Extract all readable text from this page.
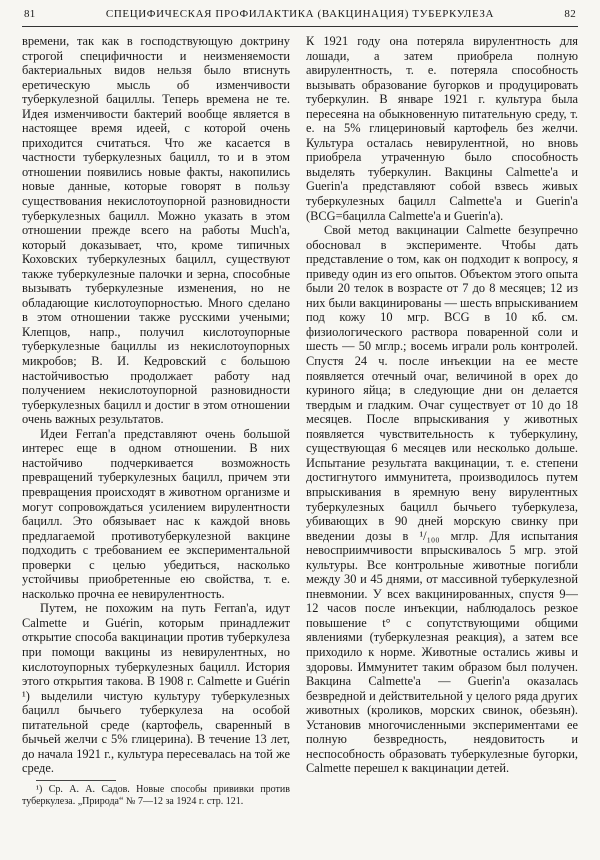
81	СПЕЦИФИЧЕСКАЯ ПРОФИЛАКТИКА (ВАКЦИНАЦИЯ) ТУБЕРКУЛЕЗА	82

времени, так как в господствующую доктрину строгой специфичности и неизменяемости бактериальных видов нельзя было втиснуть еретическую мысль об изменчивости туберкулезной бациллы. Теперь времена не те. Идея изменчивости бактерий вообще является в настоящее время идеей, с которой очень приходится считаться. Что же касается в частности туберкулезных бацилл, то и в этом отношении появились новые факты, накопились новые данные, которые говорят в пользу существования некислотоупорной разновидности туберкулезных бацилл. Можно указать в этом отношении прежде всего на работы Much'a, который доказывает, что, кроме типичных Коховских туберкулезных бацилл, существуют также туберкулезные палочки и зерна, способные вызывать туберкулезные изменения, но не обладающие кислотоупорностью. Много сделано в этом отношении также русскими учеными; Клепцов, напр., получил кислотоупорные туберкулезные бациллы из некислотоупорных микробов; В. И. Кедровский с большою настойчивостью продолжает работу над получением некислотоупорной разновидности туберкулезных бацилл и достиг в этом отношении очень важных результатов.

Идеи Ferran'a представляют очень большой интерес еще в одном отношении. В них настойчиво подчеркивается возможность превращений туберкулезных бацилл, причем эти превращения происходят в животном организме и могут сопровождаться усилением вирулентности бацилл. Это обязывает нас к каждой вновь предлагаемой противотуберкулезной вакцине подходить с требованием ее экспериментальной проверки с целью убедиться, насколько устойчивы приобретенные ею свойства, т. е. насколько прочна ее невирулентность.

Путем, не похожим на путь Ferran'a, идут Calmette и Guérin, которым принадлежит открытие способа вакцинации против туберкулеза при помощи вакцины из невирулентных, но кислотоупорных туберкулезных бацилл. История этого открытия такова. В 1908 г. Calmette и Guérin ¹) выделили чистую культуру туберкулезных бацилл бычьего туберкулеза на особой питательной среде (картофель, сваренный в бычьей желчи с 5% глицерина). В течение 13 лет, до начала 1921 г., культура пересевалась на той же среде.

¹) Ср. А. А. Садов. Новые способы прививки против туберкулеза. „Природа“ № 7—12 за 1924 г. стр. 121.

К 1921 году она потеряла вирулентность для лошади, а затем приобрела полную авирулентность, т. е. потеряла способность вызывать образование бугорков и продуцировать туберкулин. В январе 1921 г. культура была пересеяна на обыкновенную питательную среду, т. е. на 5% глицериновый картофель без желчи. Культура осталась невирулентной, но вновь приобрела утраченную было способность выделять туберкулин. Вакцины Calmette'a и Guerin'a представляют собой взвесь живых туберкулезных бацилл Calmette'a и Guerin'a (BCG=бацилла Calmette'a и Guerin'a).

Свой метод вакцинации Calmette безупречно обосновал в эксперименте. Чтобы дать представление о том, как он подходит к вопросу, я приведу один из его опытов. Объектом этого опыта были 20 телок в возрасте от 7 до 8 месяцев; 12 из них были вакцинированы — шесть впрыскиванием под кожу 10 мгр. BCG в 10 кб. см. физиологического раствора поваренной соли и шесть — 50 мглр.; восемь играли роль контролей. Спустя 24 ч. после инъекции на ее месте появляется отечный очаг, величиной в орех до куриного яйца; в следующие дни он делается твердым и гладким. Очаг существует от 10 до 18 месяцев. После впрыскивания у животных появляется чувствительность к туберкулину, существующая 6 месяцев или несколько дольше. Испытание результата вакцинации, т. е. степени достигнутого иммунитета, производилось путем впрыскивания в яремную вену вирулентных туберкулезных бацилл бычьего туберкулеза, убивающих в 90 дней морскую свинку при введении дозы в ¹/₁₀₀ мглр. Для испытания невосприимчивости впрыскивалось 5 мгр. этой культуры. Все контрольные животные погибли между 30 и 45 днями, от массивной туберкулезной пневмонии. У всех вакцинированных, спустя 9—12 часов после инъекции, наблюдалось резкое повышение t° с сопутствующими общими явлениями (туберкулезная реакция), а затем все приходило к норме. Животные остались живы и здоровы. Иммунитет таким образом был получен. Вакцина Calmette'a — Guerin'a оказалась безвредной и действительной у целого ряда других животных (кроликов, морских свинок, обезьян). Установив многочисленными экспериментами ее полную безвредность, неядовитость и неспособность образовать туберкулезные бугорки, Calmette перешел к вакцинации детей.
